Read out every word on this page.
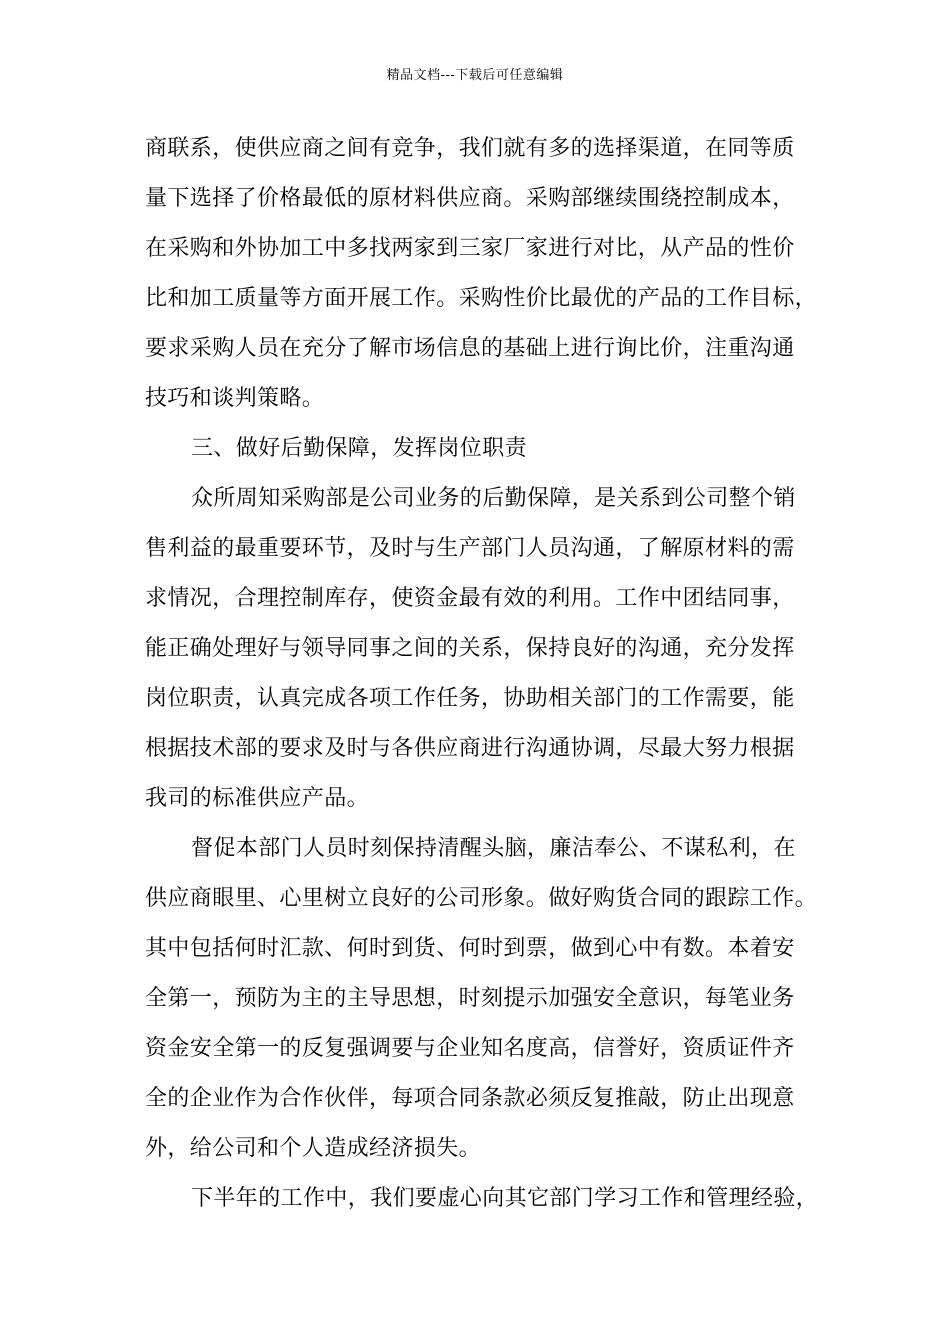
精品文档---下载后可任意编辑
商联系，使供应商之间有竞争，我们就有多的选择渠道，在同等质
量下选择了价格最低的原材料供应商。采购部继续围绕控制成本，
在采购和外协加工中多找两家到三家厂家进行对比，从产品的性价
比和加工质量等方面开展工作。采购性价比最优的产品的工作目标，
要求采购人员在充分了解市场信息的基础上进行询比价，注重沟通
技巧和谈判策略。
三、做好后勤保障，发挥岗位职责
众所周知采购部是公司业务的后勤保障，是关系到公司整个销
售利益的最重要环节，及时与生产部门人员沟通，了解原材料的需
求情况，合理控制库存，使资金最有效的利用。工作中团结同事，
能正确处理好与领导同事之间的关系，保持良好的沟通，充分发挥
岗位职责，认真完成各项工作任务，协助相关部门的工作需要，能
根据技术部的要求及时与各供应商进行沟通协调，尽最大努力根据
我司的标准供应产品。
督促本部门人员时刻保持清醒头脑，廉洁奉公、不谋私利，在
供应商眼里、心里树立良好的公司形象。做好购货合同的跟踪工作。
其中包括何时汇款、何时到货、何时到票，做到心中有数。本着安
全第一，预防为主的主导思想，时刻提示加强安全意识，每笔业务
资金安全第一的反复强调要与企业知名度高，信誉好，资质证件齐
全的企业作为合作伙伴，每项合同条款必须反复推敲，防止出现意
外，给公司和个人造成经济损失。
下半年的工作中，我们要虚心向其它部门学习工作和管理经验，
